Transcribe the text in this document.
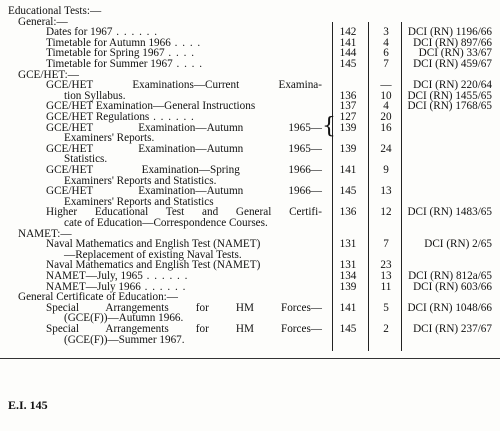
Educational Tests:—
General:—
Dates for 1967 . . . . . .	142	3	DCI (RN) 1196/66
Timetable for Autumn 1966 . . . .	141	4	DCI (RN) 897/66
Timetable for Spring 1967 . . . .	144	6	DCI (RN) 33/67
Timetable for Summer 1967 . . . .	145	7	DCI (RN) 459/67
GCE/HET:—
GCE/HET Examinations—Current Examina-	—	DCI (RN) 220/64
tion Syllabus.	136	10	DCI (RN) 1455/65
GCE/HET Examination—General Instructions	137	4	DCI (RN) 1768/65
GCE/HET Regulations . . . . . .	127	20
GCE/HET Examination—Autumn 1965—	139	16
Examiners' Reports.
GCE/HET Examination—Autumn 1965—	139	24
Statistics.
GCE/HET Examination—Spring 1966—	141	9
Examiners' Reports and Statistics.
GCE/HET Examination—Autumn 1966—	145	13
Examiners' Reports and Statistics
Higher Educational Test and General Certifi-	136	12	DCI (RN) 1483/65
cate of Education—Correspondence Courses.
NAMET:—
Naval Mathematics and English Test (NAMET)	131	7	DCI (RN) 2/65
—Replacement of existing Naval Tests.
Naval Mathematics and English Test (NAMET)	131	23
NAMET—July, 1965 . . . . . .	134	13	DCI (RN) 812a/65
NAMET—July 1966 . . . . . .	139	11	DCI (RN) 603/66
General Certificate of Education:—
Special Arrangements for HM Forces—	141	5	DCI (RN) 1048/66
(GCE(F))—Autumn 1966.
Special Arrangements for HM Forces—	145	2	DCI (RN) 237/67
(GCE(F))—Summer 1967.
{
E.I. 145
